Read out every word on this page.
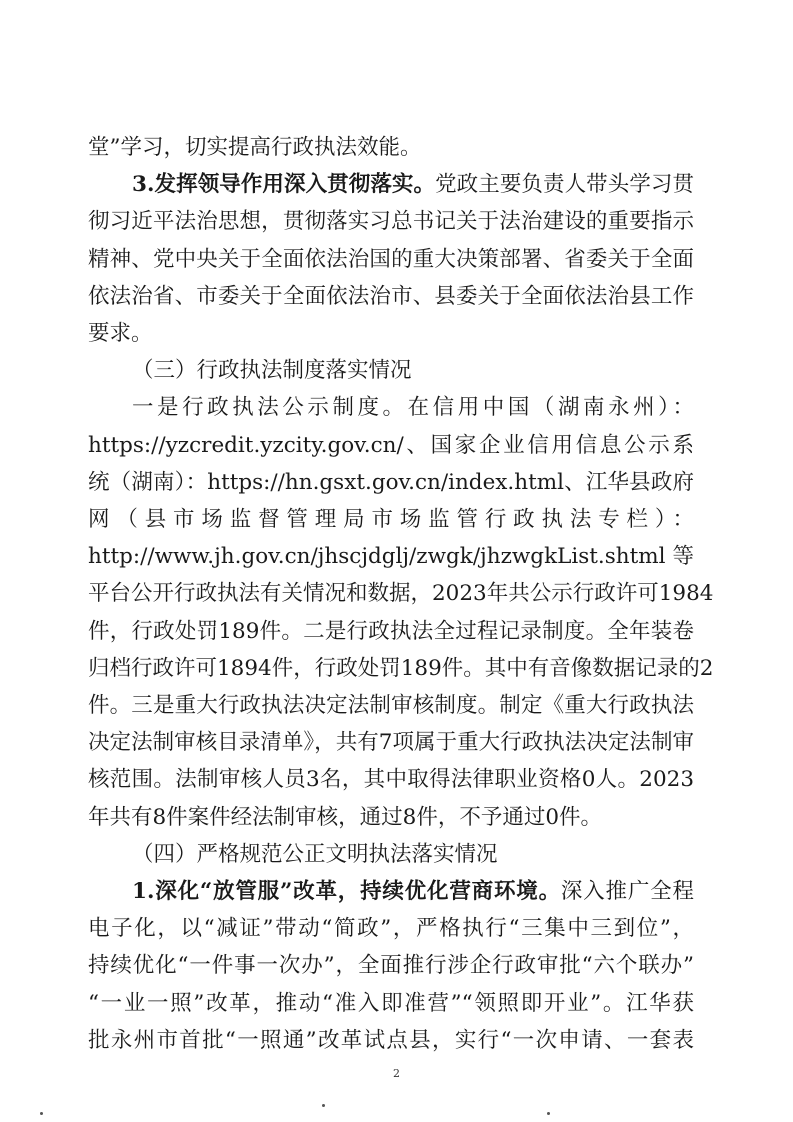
2
堂”学习，切实提高行政执法效能。
3.发挥领导作用深入贯彻落实。党政主要负责人带头学习贯
彻习近平法治思想，贯彻落实习总书记关于法治建设的重要指示
精神、党中央关于全面依法治国的重大决策部署、省委关于全面
依法治省、市委关于全面依法治市、县委关于全面依法治县工作
要求。
（三）行政执法制度落实情况
一是行政执法公示制度。在信用中国（湖南永州）：
https://yzcredit.yzcity.gov.cn/、国家企业信用信息公示系
统（湖南）：https://hn.gsxt.gov.cn/index.html、江华县政府
网（县市场监督管理局市场监管行政执法专栏）：
http://www.jh.gov.cn/jhscjdglj/zwgk/jhzwgkList.shtml 等
平台公开行政执法有关情况和数据，2023年共公示行政许可1984
件，行政处罚189件。二是行政执法全过程记录制度。全年装卷
归档行政许可1894件，行政处罚189件。其中有音像数据记录的2
件。三是重大行政执法决定法制审核制度。制定《重大行政执法
决定法制审核目录清单》，共有7项属于重大行政执法决定法制审
核范围。法制审核人员3名，其中取得法律职业资格0人。2023
年共有8件案件经法制审核，通过8件，不予通过0件。
（四）严格规范公正文明执法落实情况
1.深化“放管服”改革，持续优化营商环境。深入推广全程
电子化，以“减证”带动“简政”，严格执行“三集中三到位”，
持续优化“一件事一次办”，全面推行涉企行政审批“六个联办”
“一业一照”改革，推动“准入即准营”“领照即开业”。江华获
批永州市首批“一照通”改革试点县，实行“一次申请、一套表
